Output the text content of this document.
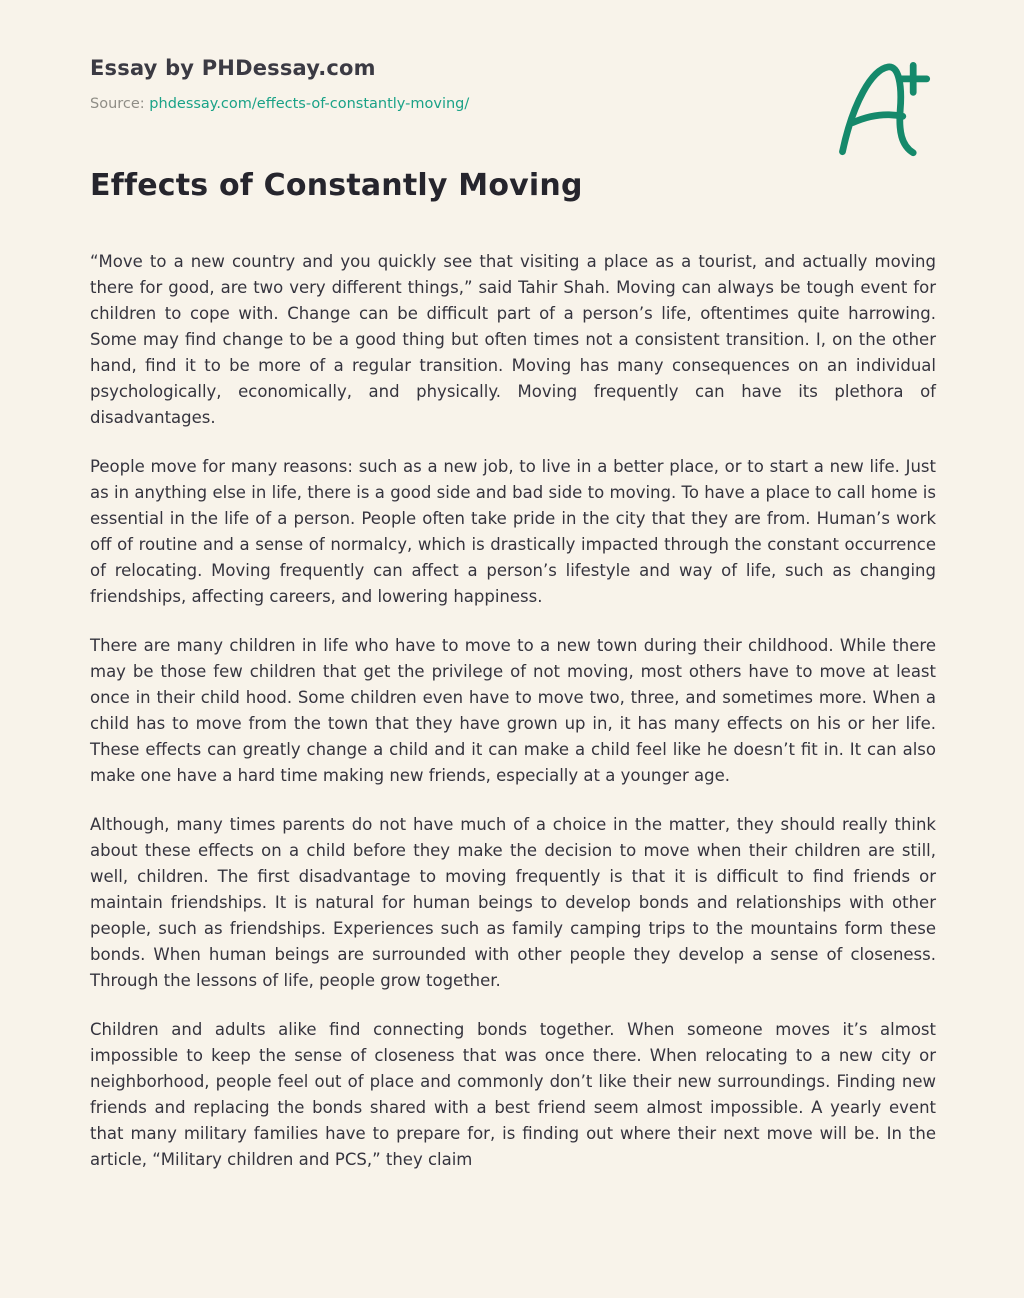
Essay by PHDessay.com
Source: phdessay.com/effects-of-constantly-moving/
Effects of Constantly Moving

“Move to a new country and you quickly see that visiting a place as a tourist, and actually moving there for good, are two very different things,” said Tahir Shah. Moving can always be tough event for children to cope with. Change can be difficult part of a person’s life, oftentimes quite harrowing. Some may find change to be a good thing but often times not a consistent transition. I, on the other hand, find it to be more of a regular transition. Moving has many consequences on an individual psychologically, economically, and physically. Moving frequently can have its plethora of disadvantages.

People move for many reasons: such as a new job, to live in a better place, or to start a new life. Just as in anything else in life, there is a good side and bad side to moving. To have a place to call home is essential in the life of a person. People often take pride in the city that they are from. Human’s work off of routine and a sense of normalcy, which is drastically impacted through the constant occurrence of relocating. Moving frequently can affect a person’s lifestyle and way of life, such as changing friendships, affecting careers, and lowering happiness.

There are many children in life who have to move to a new town during their childhood. While there may be those few children that get the privilege of not moving, most others have to move at least once in their child hood. Some children even have to move two, three, and sometimes more. When a child has to move from the town that they have grown up in, it has many effects on his or her life. These effects can greatly change a child and it can make a child feel like he doesn’t fit in. It can also make one have a hard time making new friends, especially at a younger age.

Although, many times parents do not have much of a choice in the matter, they should really think about these effects on a child before they make the decision to move when their children are still, well, children. The first disadvantage to moving frequently is that it is difficult to find friends or maintain friendships. It is natural for human beings to develop bonds and relationships with other people, such as friendships. Experiences such as family camping trips to the mountains form these bonds. When human beings are surrounded with other people they develop a sense of closeness. Through the lessons of life, people grow together.

Children and adults alike find connecting bonds together. When someone moves it’s almost impossible to keep the sense of closeness that was once there. When relocating to a new city or neighborhood, people feel out of place and commonly don’t like their new surroundings. Finding new friends and replacing the bonds shared with a best friend seem almost impossible. A yearly event that many military families have to prepare for, is finding out where their next move will be. In the article, “Military children and PCS,” they claim
